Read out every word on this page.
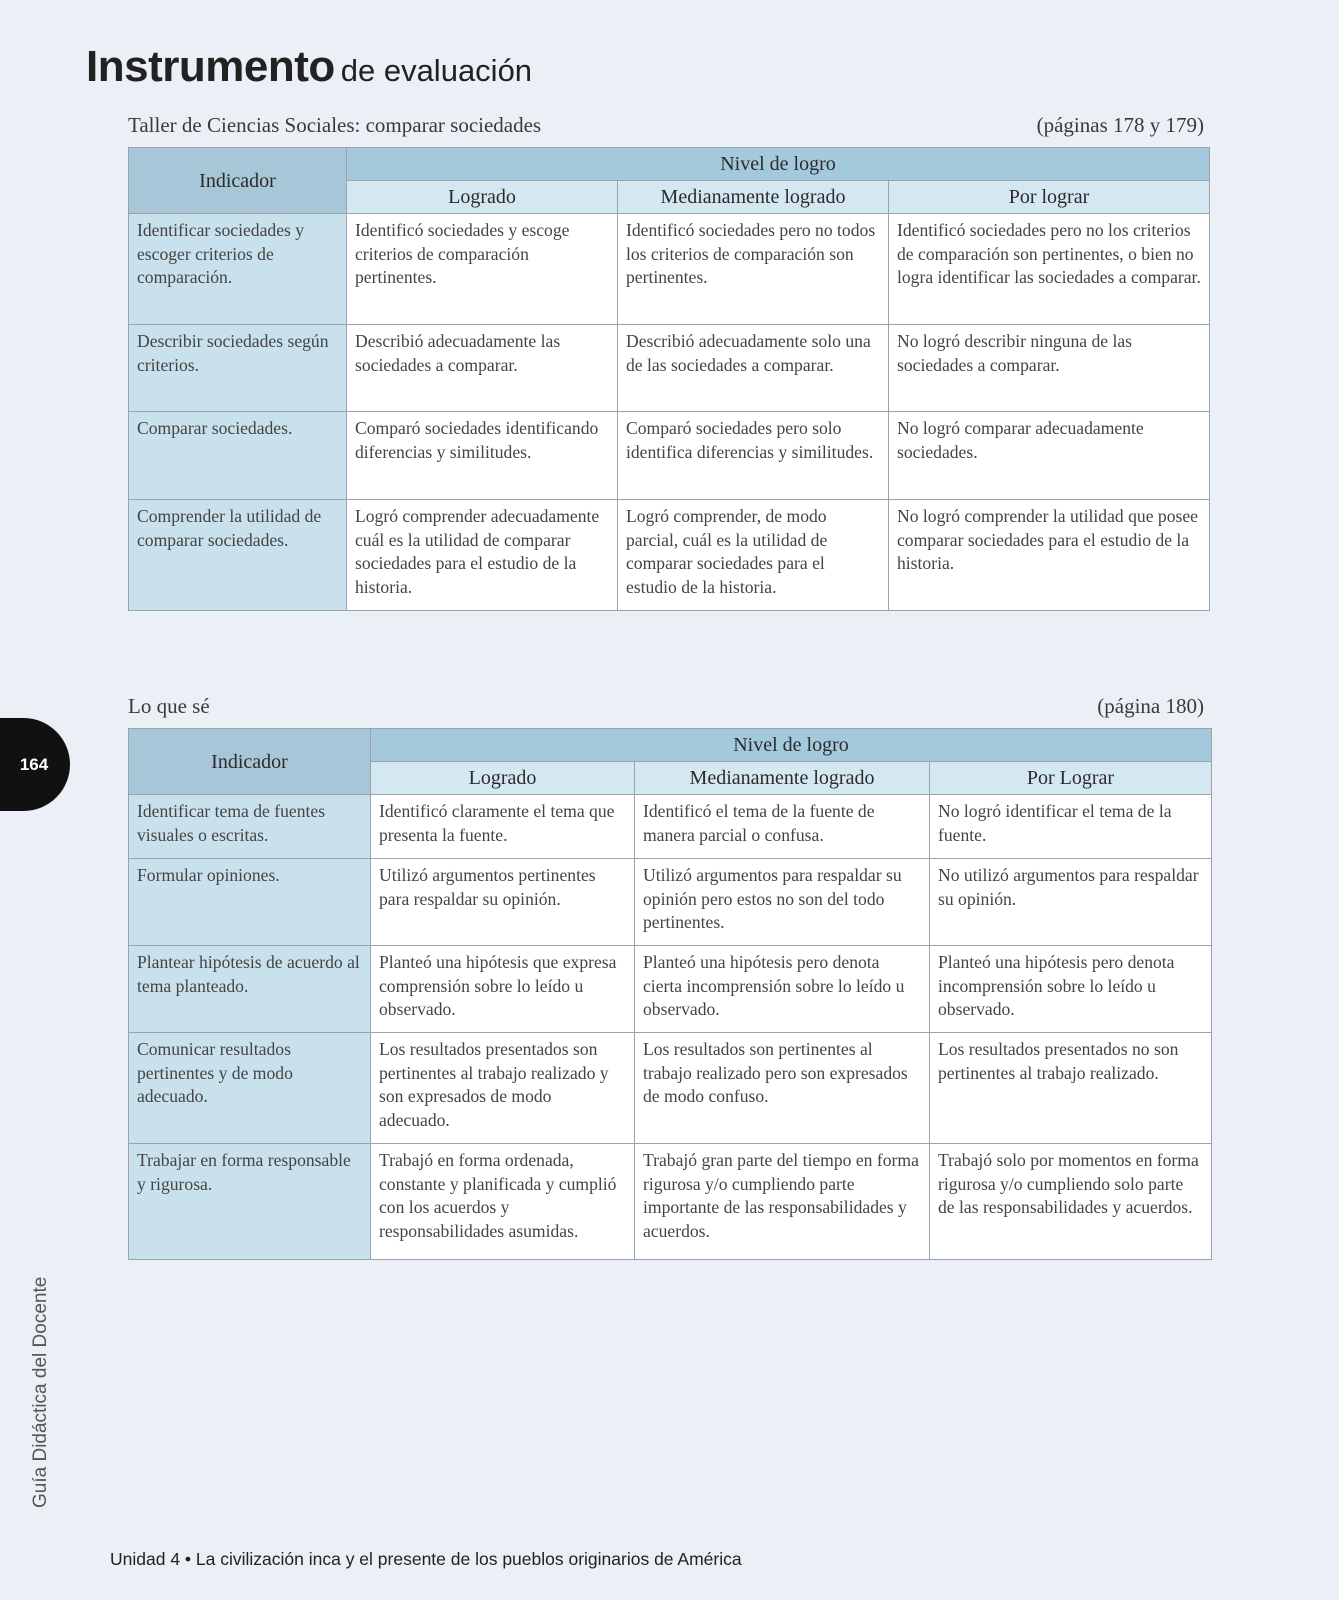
Instrumento de evaluación
Taller de Ciencias Sociales: comparar sociedades	(páginas 178 y 179)
Indicador	Nivel de logro		
	Logrado	Medianamente logrado	Por lograr
Identificar sociedades y escoger criterios de comparación.	Identificó sociedades y escoge criterios de comparación pertinentes.	Identificó sociedades pero no todos los criterios de comparación son pertinentes.	Identificó sociedades pero no los criterios de comparación son pertinentes, o bien no logra identificar las sociedades a comparar.
Describir sociedades según criterios.	Describió adecuadamente las sociedades a comparar.	Describió adecuadamente solo una de las sociedades a comparar.	No logró describir ninguna de las sociedades a comparar.
Comparar sociedades.	Comparó sociedades identificando diferencias y similitudes.	Comparó sociedades pero solo identifica diferencias y similitudes.	No logró comparar adecuadamente sociedades.
Comprender la utilidad de comparar sociedades.	Logró comprender adecuadamente cuál es la utilidad de comparar sociedades para el estudio de la historia.	Logró comprender, de modo parcial, cuál es la utilidad de comparar sociedades para el estudio de la historia.	No logró comprender la utilidad que posee comparar sociedades para el estudio de la historia.
164
Lo que sé	(página 180)
Indicador	Nivel de logro		
	Logrado	Medianamente logrado	Por Lograr
Identificar tema de fuentes visuales o escritas.	Identificó claramente el tema que presenta la fuente.	Identificó el tema de la fuente de manera parcial o confusa.	No logró identificar el tema de la fuente.
Formular opiniones.	Utilizó argumentos pertinentes para respaldar su opinión.	Utilizó argumentos para respaldar su opinión pero estos no son del todo pertinentes.	No utilizó argumentos para respaldar su opinión.
Plantear hipótesis de acuerdo al tema planteado.	Planteó una hipótesis que expresa comprensión sobre lo leído u observado.	Planteó una hipótesis pero denota cierta incomprensión sobre lo leído u observado.	Planteó una hipótesis pero denota incomprensión sobre lo leído u observado.
Comunicar resultados pertinentes y de modo adecuado.	Los resultados presentados son pertinentes al trabajo realizado y son expresados de modo adecuado.	Los resultados son pertinentes al trabajo realizado pero son expresados de modo confuso.	Los resultados presentados no son pertinentes al trabajo realizado.
Trabajar en forma responsable y rigurosa.	Trabajó en forma ordenada, constante y planificada y cumplió con los acuerdos y responsabilidades asumidas.	Trabajó gran parte del tiempo en forma rigurosa y/o cumpliendo parte importante de las responsabilidades y acuerdos.	Trabajó solo por momentos en forma rigurosa y/o cumpliendo solo parte de las responsabilidades y acuerdos.
Guía Didáctica del Docente
Unidad 4 • La civilización inca y el presente de los pueblos originarios de América
